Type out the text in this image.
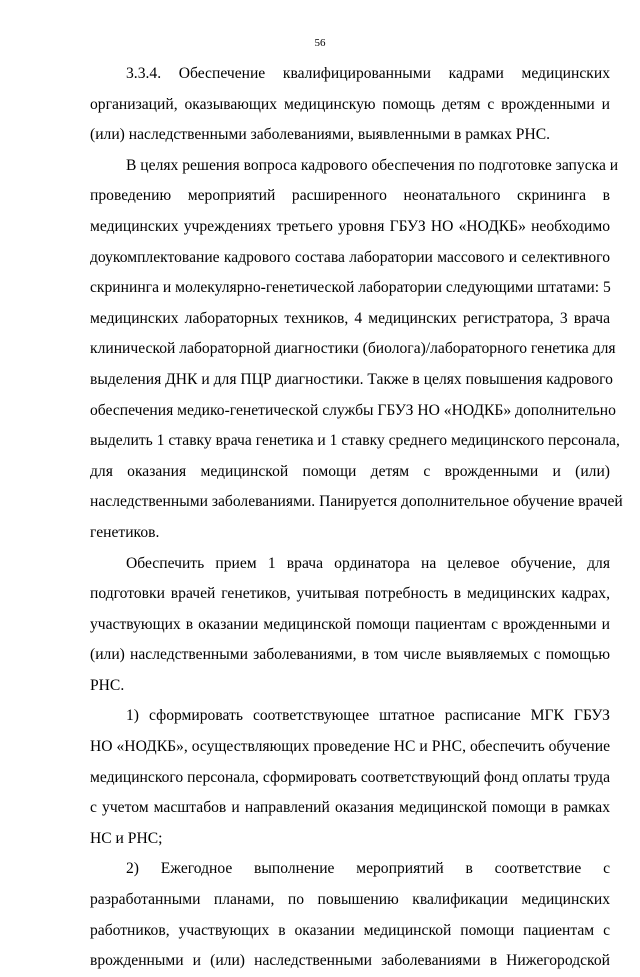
56

3.3.4. Обеспечение квалифицированными кадрами медицинских
организаций, оказывающих медицинскую помощь детям с врожденными и
(или) наследственными заболеваниями, выявленными в рамках РНС.

В целях решения вопроса кадрового обеспечения по подготовке запуска и
проведению мероприятий расширенного неонатального скрининга в
медицинских учреждениях третьего уровня ГБУЗ НО «НОДКБ» необходимо
доукомплектование кадрового состава лаборатории массового и селективного
скрининга и молекулярно-генетической лаборатории следующими штатами: 5
медицинских лабораторных техников, 4 медицинских регистратора, 3 врача
клинической лабораторной диагностики (биолога)/лабораторного генетика для
выделения ДНК и для ПЦР диагностики. Также в целях повышения кадрового
обеспечения медико-генетической службы ГБУЗ НО «НОДКБ» дополнительно
выделить 1 ставку врача генетика и 1 ставку среднего медицинского персонала,
для оказания медицинской помощи детям с врожденными и (или)
наследственными заболеваниями. Панируется дополнительное обучение врачей
генетиков.

Обеспечить прием 1 врача ординатора на целевое обучение, для
подготовки врачей генетиков, учитывая потребность в медицинских кадрах,
участвующих в оказании медицинской помощи пациентам с врожденными и
(или) наследственными заболеваниями, в том числе выявляемых с помощью
РНС.

1) сформировать соответствующее штатное расписание МГК ГБУЗ
НО «НОДКБ», осуществляющих проведение НС и РНС, обеспечить обучение
медицинского персонала, сформировать соответствующий фонд оплаты труда
с учетом масштабов и направлений оказания медицинской помощи в рамках
НС и РНС;

2) Ежегодное выполнение мероприятий в соответствие с
разработанными планами, по повышению квалификации медицинских
работников, участвующих в оказании медицинской помощи пациентам с
врожденными и (или) наследственными заболеваниями в Нижегородской
